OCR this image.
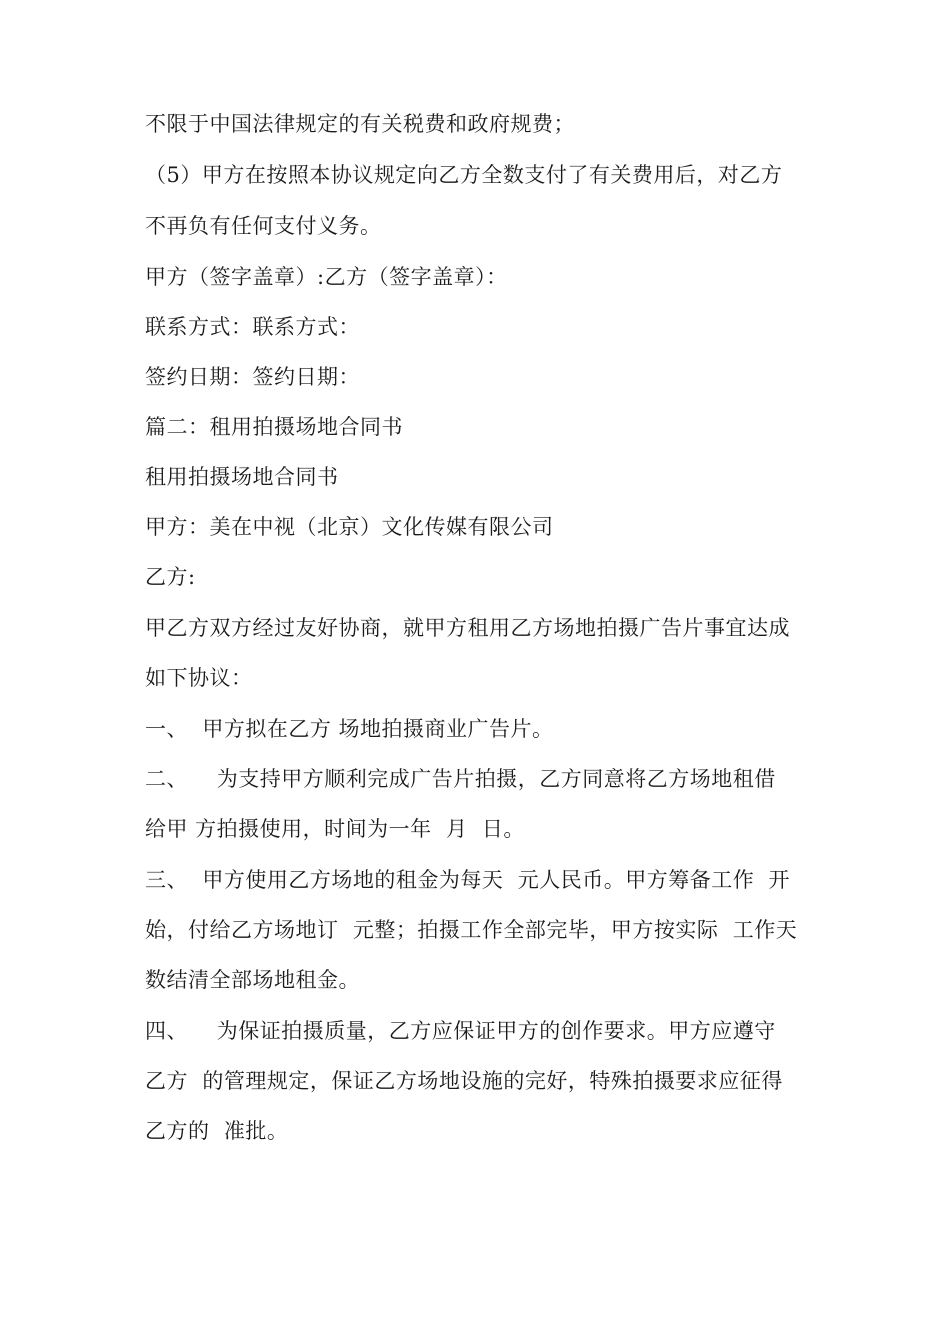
不限于中国法律规定的有关税费和政府规费；
（5）甲方在按照本协议规定向乙方全数支付了有关费用后，对乙方
不再负有任何支付义务。
甲方（签字盖章）:乙方（签字盖章）：
联系方式：联系方式：
签约日期：签约日期：
篇二：租用拍摄场地合同书
租用拍摄场地合同书
甲方：美在中视（北京）文化传媒有限公司
乙方:
甲乙方双方经过友好协商，就甲方租用乙方场地拍摄广告片事宜达成
如下协议：
一、  甲方拟在乙方 场地拍摄商业广告片。
二、    为支持甲方顺利完成广告片拍摄，乙方同意将乙方场地租借
给甲 方拍摄使用，时间为一年  月  日。
三、  甲方使用乙方场地的租金为每天  元人民币。甲方筹备工作  开
始，付给乙方场地订  元整；拍摄工作全部完毕，甲方按实际  工作天
数结清全部场地租金。
四、    为保证拍摄质量，乙方应保证甲方的创作要求。甲方应遵守
乙方  的管理规定，保证乙方场地设施的完好，特殊拍摄要求应征得
乙方的  准批。
